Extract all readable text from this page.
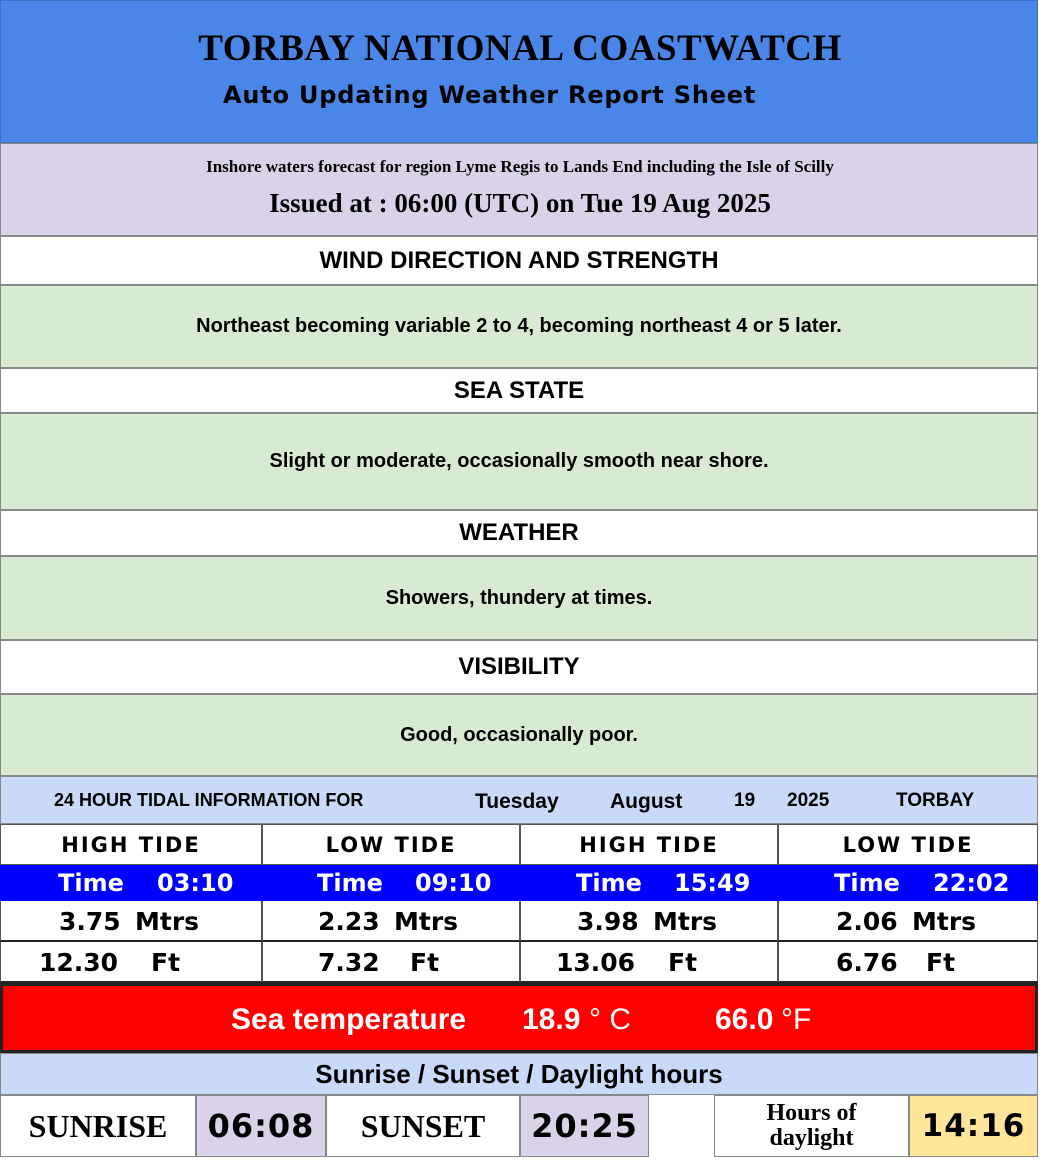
TORBAY NATIONAL COASTWATCH
Auto Updating Weather Report Sheet
Inshore waters forecast for region Lyme Regis to Lands End including the Isle of Scilly
Issued at : 06:00 (UTC) on Tue 19 Aug 2025
WIND DIRECTION AND STRENGTH
Northeast becoming variable 2 to 4, becoming northeast 4 or 5 later.
SEA STATE
Slight or moderate, occasionally smooth near shore.
WEATHER
Showers, thundery at times.
VISIBILITY
Good, occasionally poor.
24 HOUR TIDAL INFORMATION FOR	Tuesday August	19 2025	TORBAY
HIGH TIDE	LOW TIDE	HIGH TIDE	LOW TIDE
Time 03:10	Time 09:10	Time 15:49	Time 22:02
3.75 Mtrs	2.23 Mtrs	3.98 Mtrs	2.06 Mtrs
12.30 Ft	7.32 Ft	13.06 Ft	6.76 Ft
Sea temperature 18.9 ° C	66.0 °F
Sunrise / Sunset / Daylight hours
SUNRISE	06:08	SUNSET	20:25	Hours of
daylight	14:16
